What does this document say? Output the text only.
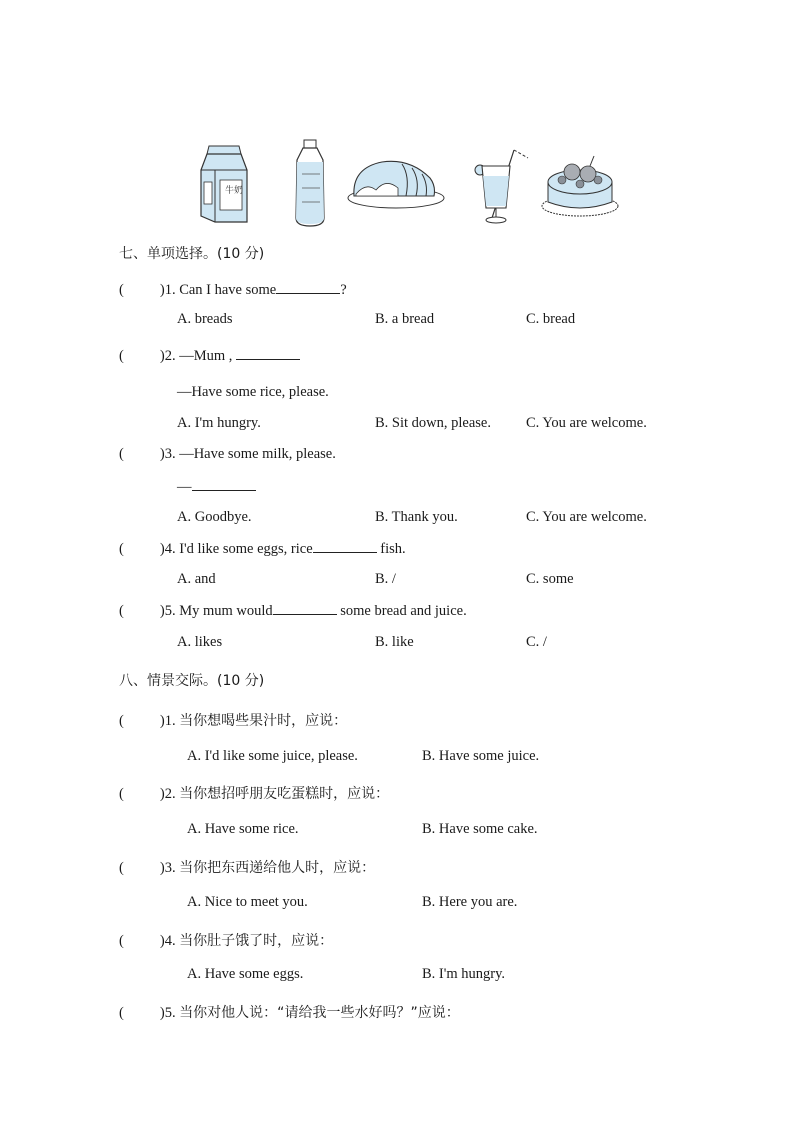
牛奶
七、单项选择。(10 分)
( )1. Can I have some	?
A. breads	B. a bread	C. bread
( )2. —Mum ,
—Have some rice, please.
A. I'm hungry.	B. Sit down, please. C. You are welcome.
( )3. —Have some milk, please.
—
A. Goodbye.	B. Thank you.	C. You are welcome.
( )4. I'd like some eggs, rice	fish.
A. and	B. /	C. some
( )5. My mum would	some bread and juice.
A. likes	B. like	C. /
八、情景交际。(10 分)
( )1. 当你想喝些果汁时，应说：
A. I'd like some juice, please.	B. Have some juice.
( )2. 当你想招呼朋友吃蛋糕时，应说：
A. Have some rice.	B. Have some cake.
( )3. 当你把东西递给他人时，应说：
A. Nice to meet you.	B. Here you are.
( )4. 当你肚子饿了时，应说：
A. Have some eggs.	B. I'm hungry.
( )5. 当你对他人说：“请给我一些水好吗？”应说：
